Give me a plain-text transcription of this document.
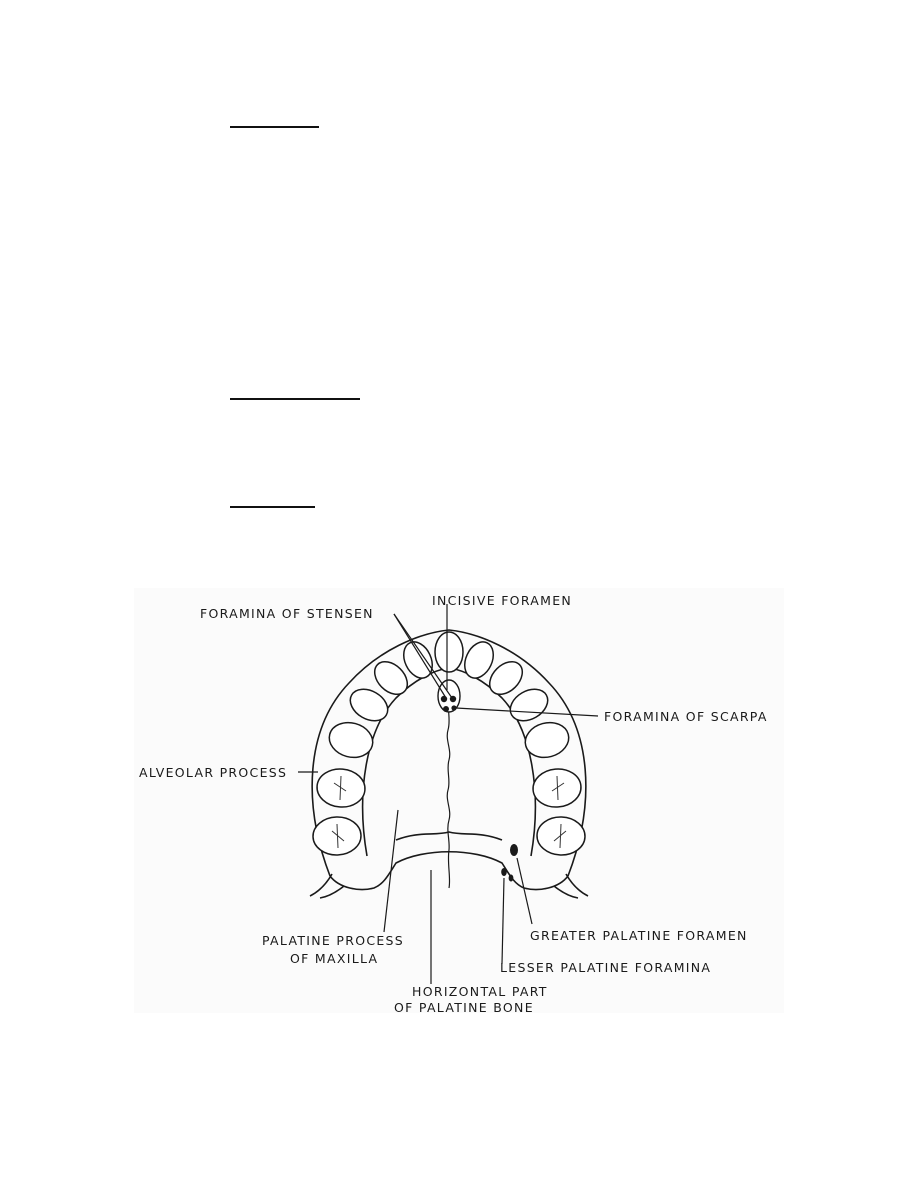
FORAMINA OF STENSEN
INCISIVE FORAMEN
FORAMINA OF SCARPA
ALVEOLAR PROCESS
PALATINE PROCESS
OF MAXILLA
GREATER PALATINE FORAMEN
LESSER PALATINE FORAMINA
HORIZONTAL PART
OF PALATINE BONE
